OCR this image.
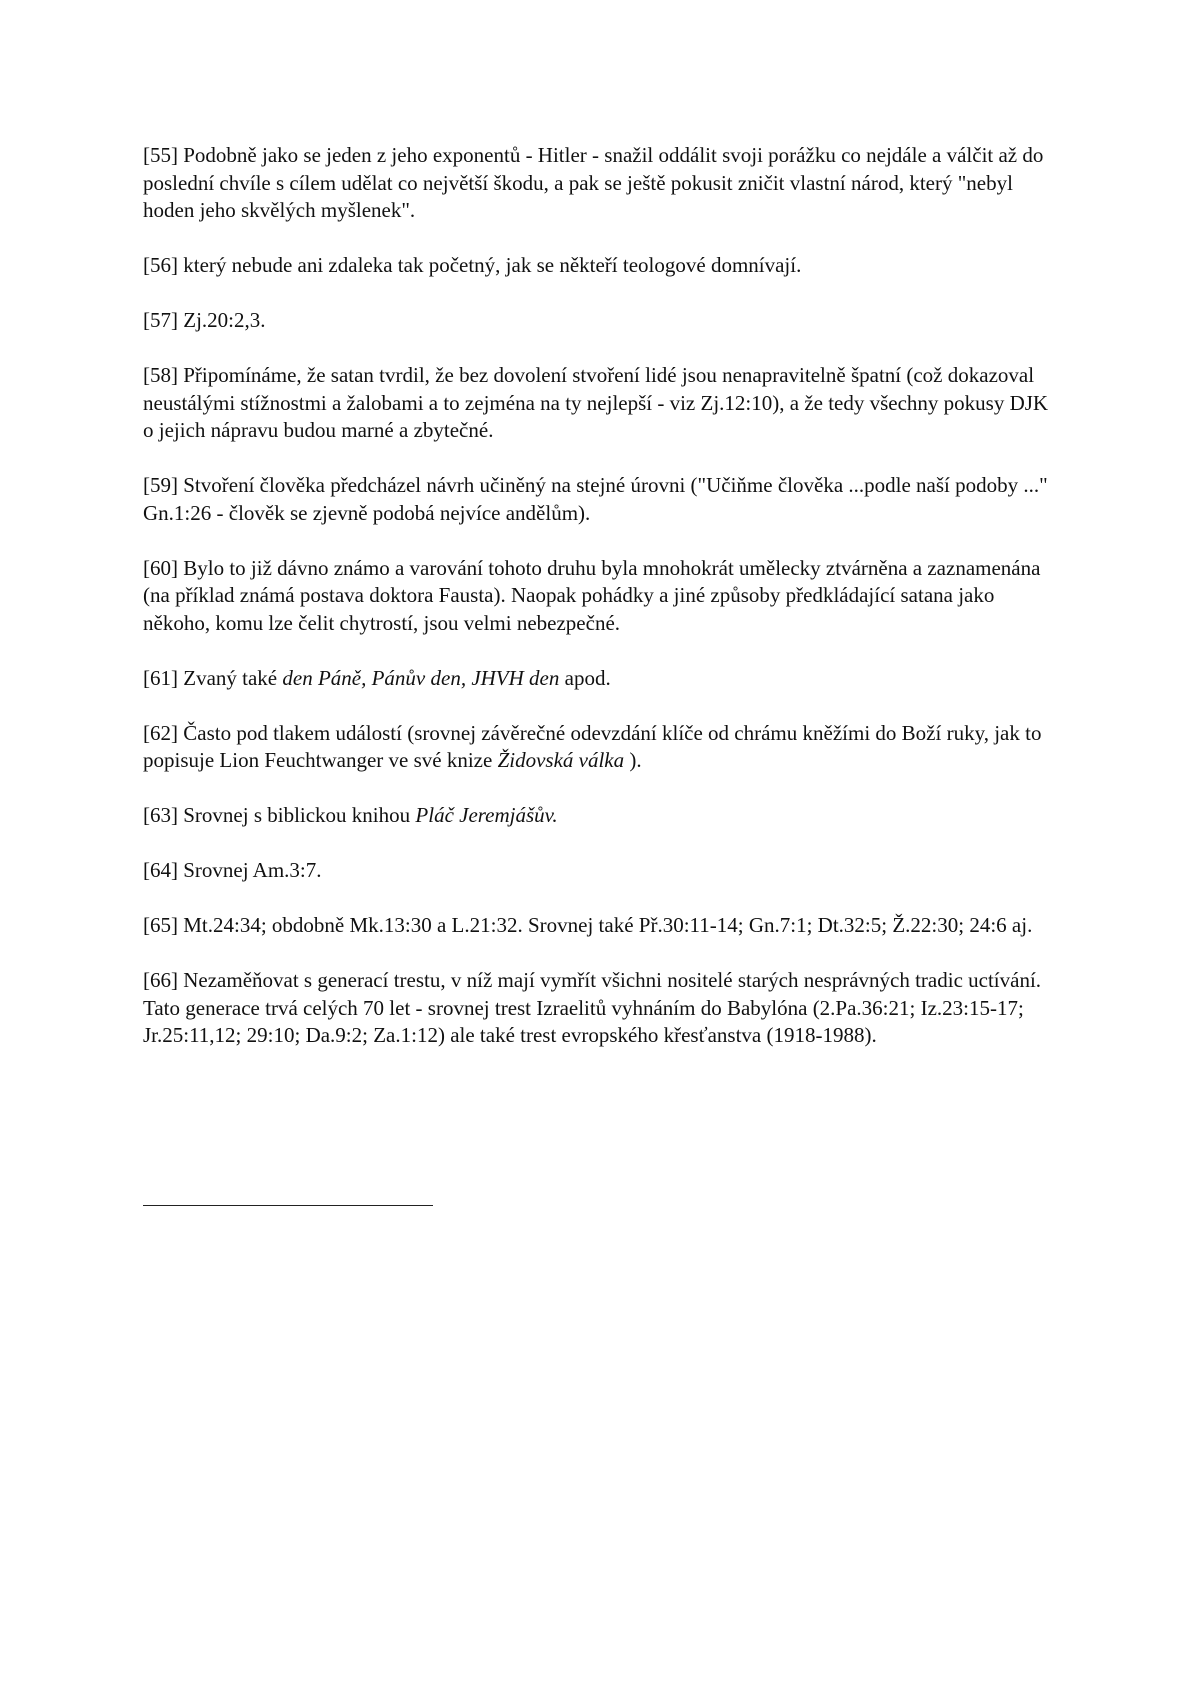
[55] Podobně jako se jeden z jeho exponentů - Hitler - snažil oddálit svoji porážku co nejdále a válčit až do poslední chvíle s cílem udělat co největší škodu, a pak se ještě pokusit zničit vlastní národ, který "nebyl hoden jeho skvělých myšlenek".

[56] který nebude ani zdaleka tak početný, jak se někteří teologové domnívají.

[57] Zj.20:2,3.

[58] Připomínáme, že satan tvrdil, že bez dovolení stvoření lidé jsou nenapravitelně špatní (což dokazoval neustálými stížnostmi a žalobami a to zejména na ty nejlepší - viz Zj.12:10), a že tedy všechny pokusy DJK o jejich nápravu budou marné a zbytečné.

[59] Stvoření člověka předcházel návrh učiněný na stejné úrovni ("Učiňme člověka ...podle naší podoby ..." Gn.1:26 - člověk se zjevně podobá nejvíce andělům).

[60] Bylo to již dávno známo a varování tohoto druhu byla mnohokrát umělecky ztvárněna a zaznamenána (na příklad známá postava doktora Fausta). Naopak pohádky a jiné způsoby předkládající satana jako někoho, komu lze čelit chytrostí, jsou velmi nebezpečné.

[61] Zvaný také den Páně, Pánův den, JHVH den apod.

[62] Často pod tlakem událostí (srovnej závěrečné odevzdání klíče od chrámu kněžími do Boží ruky, jak to popisuje Lion Feuchtwanger ve své knize Židovská válka ).

[63] Srovnej s biblickou knihou Pláč Jeremjášův.

[64] Srovnej Am.3:7.

[65] Mt.24:34; obdobně Mk.13:30 a L.21:32. Srovnej také Př.30:11-14; Gn.7:1; Dt.32:5; Ž.22:30; 24:6 aj.

[66] Nezaměňovat s generací trestu, v níž mají vymřít všichni nositelé starých nesprávných tradic uctívání. Tato generace trvá celých 70 let - srovnej trest Izraelitů vyhnáním do Babylóna (2.Pa.36:21; Iz.23:15-17; Jr.25:11,12; 29:10; Da.9:2; Za.1:12) ale také trest evropského křesťanstva (1918-1988).
